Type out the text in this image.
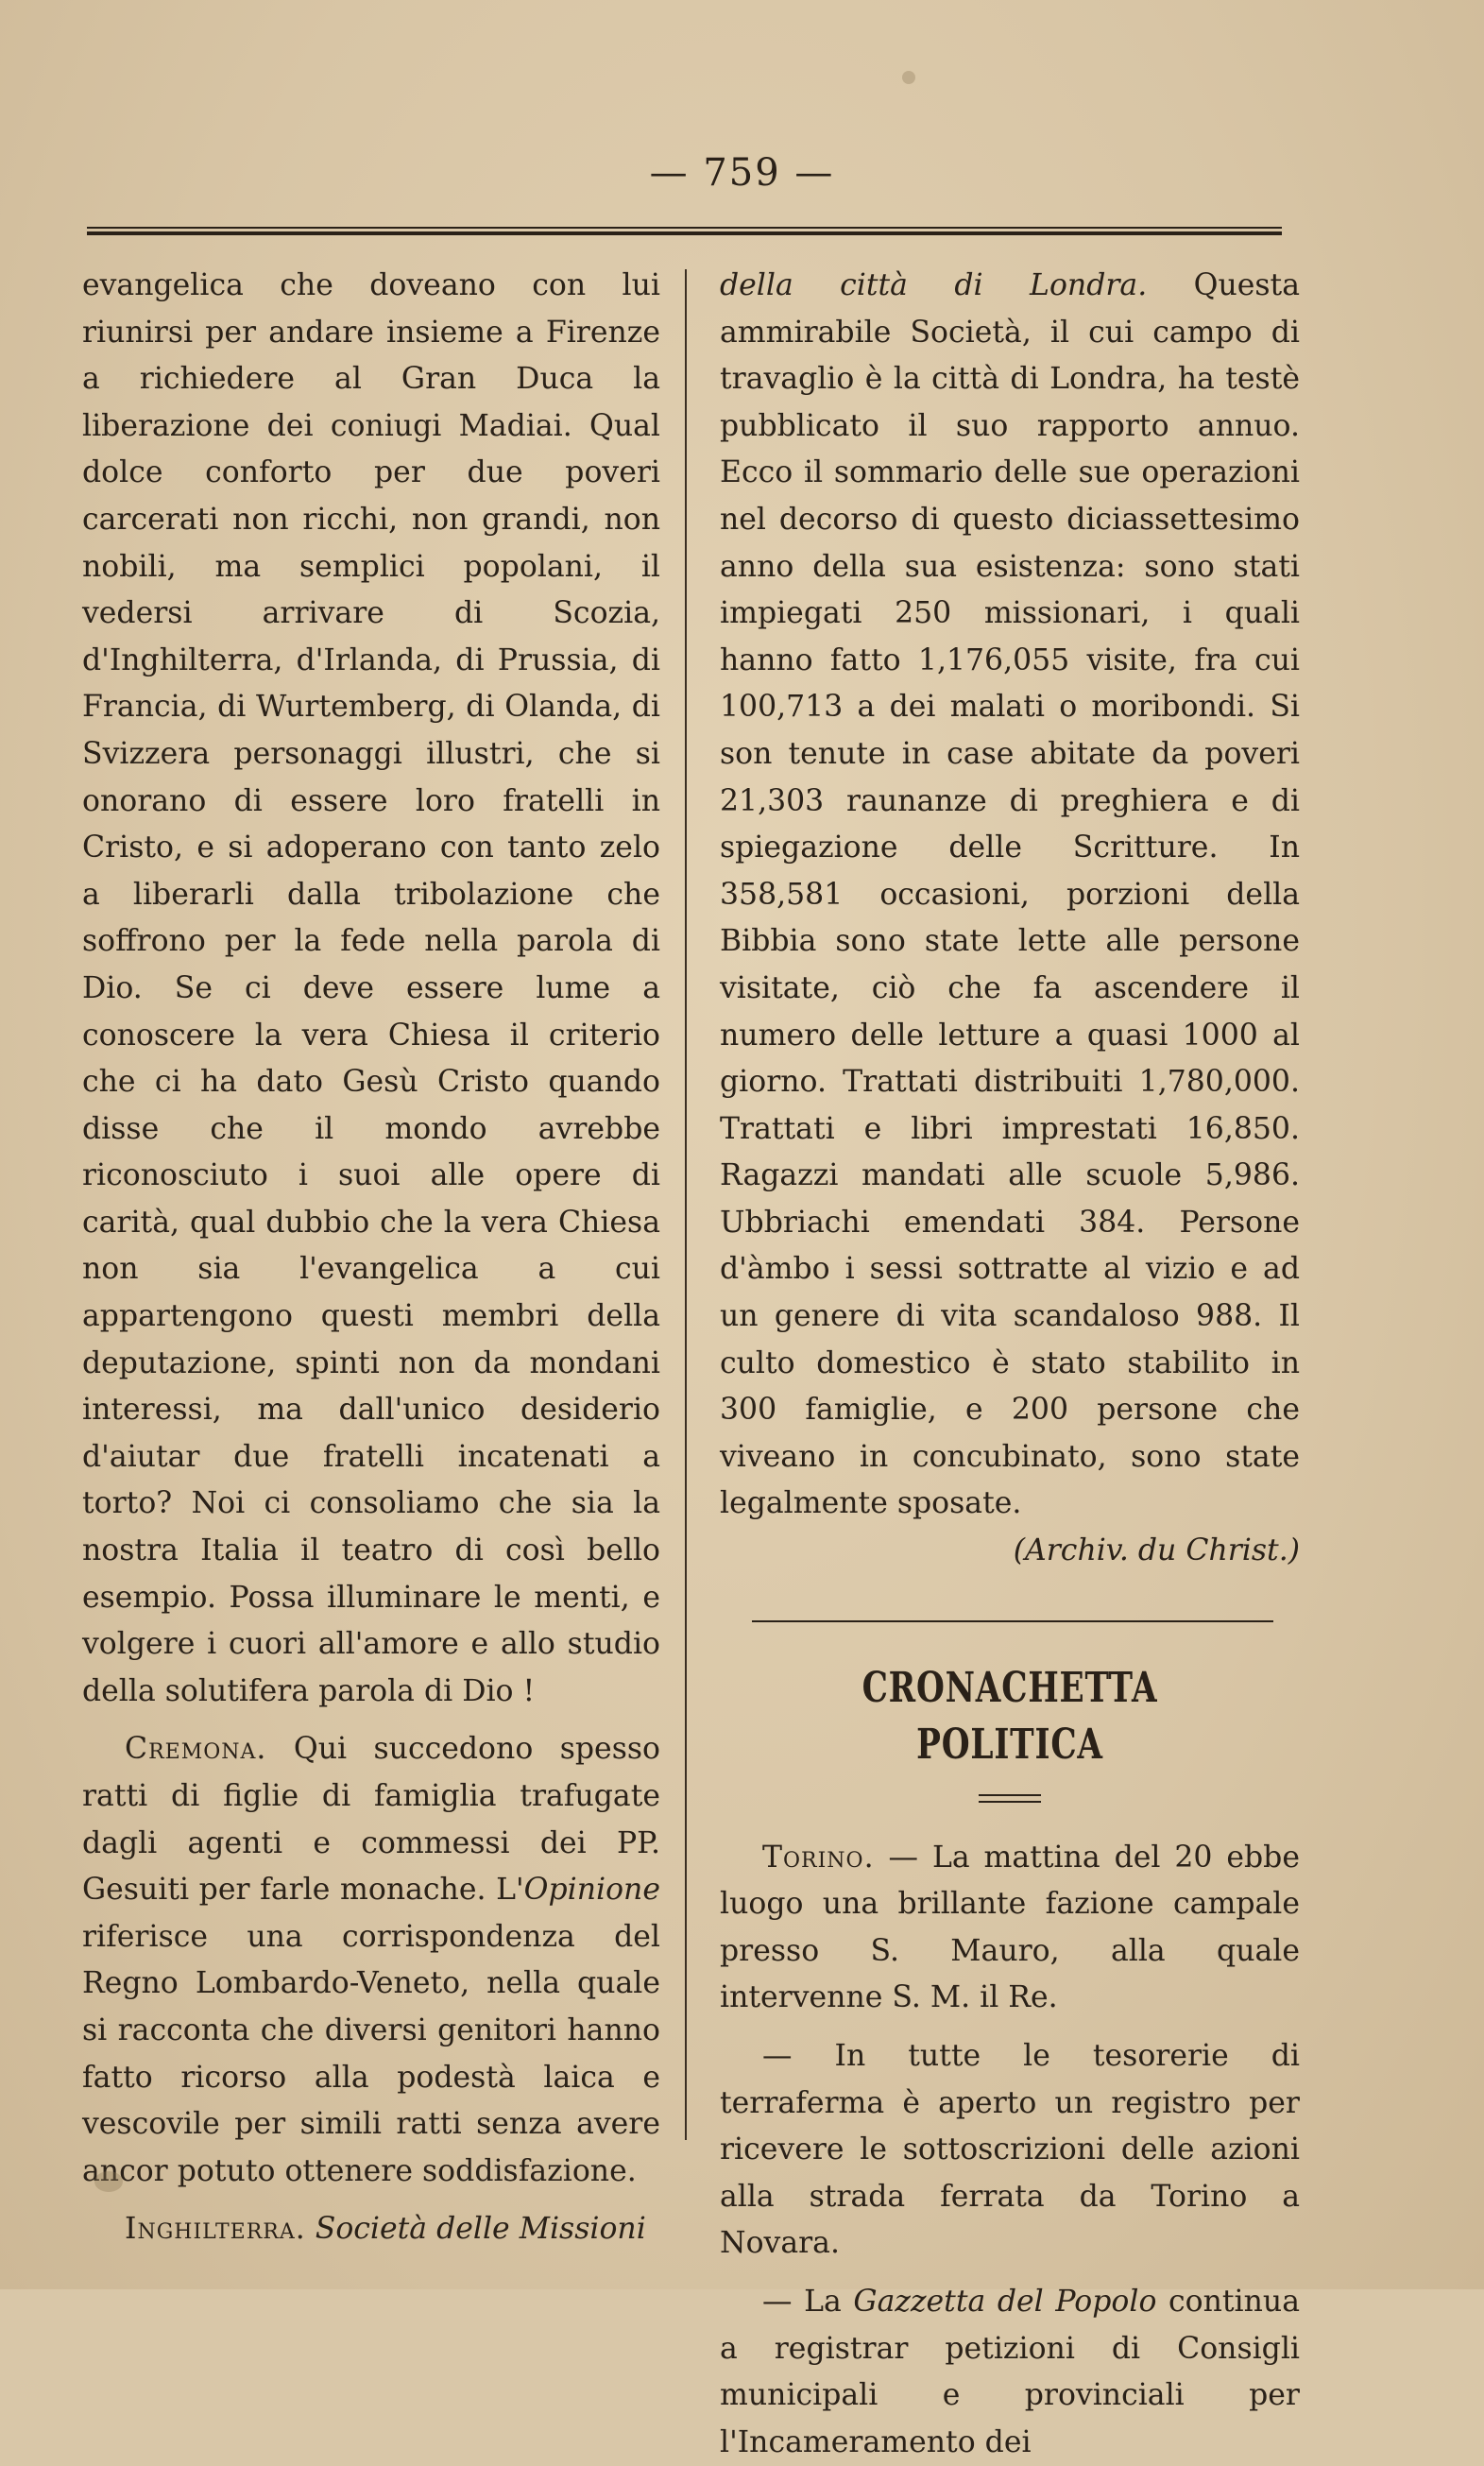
— 759 —

evangelica che doveano con lui riunirsi per andare insieme a Firenze a richiedere al Gran Duca la liberazione dei coniugi Madiai. Qual dolce conforto per due poveri carcerati non ricchi, non grandi, non nobili, ma semplici popolani, il vedersi arrivare di Scozia, d'Inghilterra, d'Irlanda, di Prussia, di Francia, di Wurtemberg, di Olanda, di Svizzera personaggi illustri, che si onorano di essere loro fratelli in Cristo, e si adoperano con tanto zelo a liberarli dalla tribolazione che soffrono per la fede nella parola di Dio. Se ci deve essere lume a conoscere la vera Chiesa il criterio che ci ha dato Gesù Cristo quando disse che il mondo avrebbe riconosciuto i suoi alle opere di carità, qual dubbio che la vera Chiesa non sia l'evangelica a cui appartengono questi membri della deputazione, spinti non da mondani interessi, ma dall'unico desiderio d'aiutar due fratelli incatenati a torto? Noi ci consoliamo che sia la nostra Italia il teatro di così bello esempio. Possa illuminare le menti, e volgere i cuori all'amore e allo studio della solutifera parola di Dio !

Cremona. Qui succedono spesso ratti di figlie di famiglia trafugate dagli agenti e commessi dei PP. Gesuiti per farle monache. L'Opinione riferisce una corrispondenza del Regno Lombardo-Veneto, nella quale si racconta che diversi genitori hanno fatto ricorso alla podestà laica e vescovile per simili ratti senza avere ancor potuto ottenere soddisfazione.

Inghilterra. Società delle Missioni

della città di Londra. Questa ammirabile Società, il cui campo di travaglio è la città di Londra, ha testè pubblicato il suo rapporto annuo. Ecco il sommario delle sue operazioni nel decorso di questo diciassettesimo anno della sua esistenza: sono stati impiegati 250 missionari, i quali hanno fatto 1,176,055 visite, fra cui 100,713 a dei malati o moribondi. Si son tenute in case abitate da poveri 21,303 raunanze di preghiera e di spiegazione delle Scritture. In 358,581 occasioni, porzioni della Bibbia sono state lette alle persone visitate, ciò che fa ascendere il numero delle letture a quasi 1000 al giorno. Trattati distribuiti 1,780,000. Trattati e libri imprestati 16,850. Ragazzi mandati alle scuole 5,986. Ubbriachi emendati 384. Persone d'àmbo i sessi sottratte al vizio e ad un genere di vita scandaloso 988. Il culto domestico è stato stabilito in 300 famiglie, e 200 persone che viveano in concubinato, sono state legalmente sposate.

(Archiv. du Christ.)

CRONACHETTA POLITICA

Torino. — La mattina del 20 ebbe luogo una brillante fazione campale presso S. Mauro, alla quale intervenne S. M. il Re.

— In tutte le tesorerie di terraferma è aperto un registro per ricevere le sottoscrizioni delle azioni alla strada ferrata da Torino a Novara.

— La Gazzetta del Popolo continua a registrar petizioni di Consigli municipali e provinciali per l'Incameramento dei
